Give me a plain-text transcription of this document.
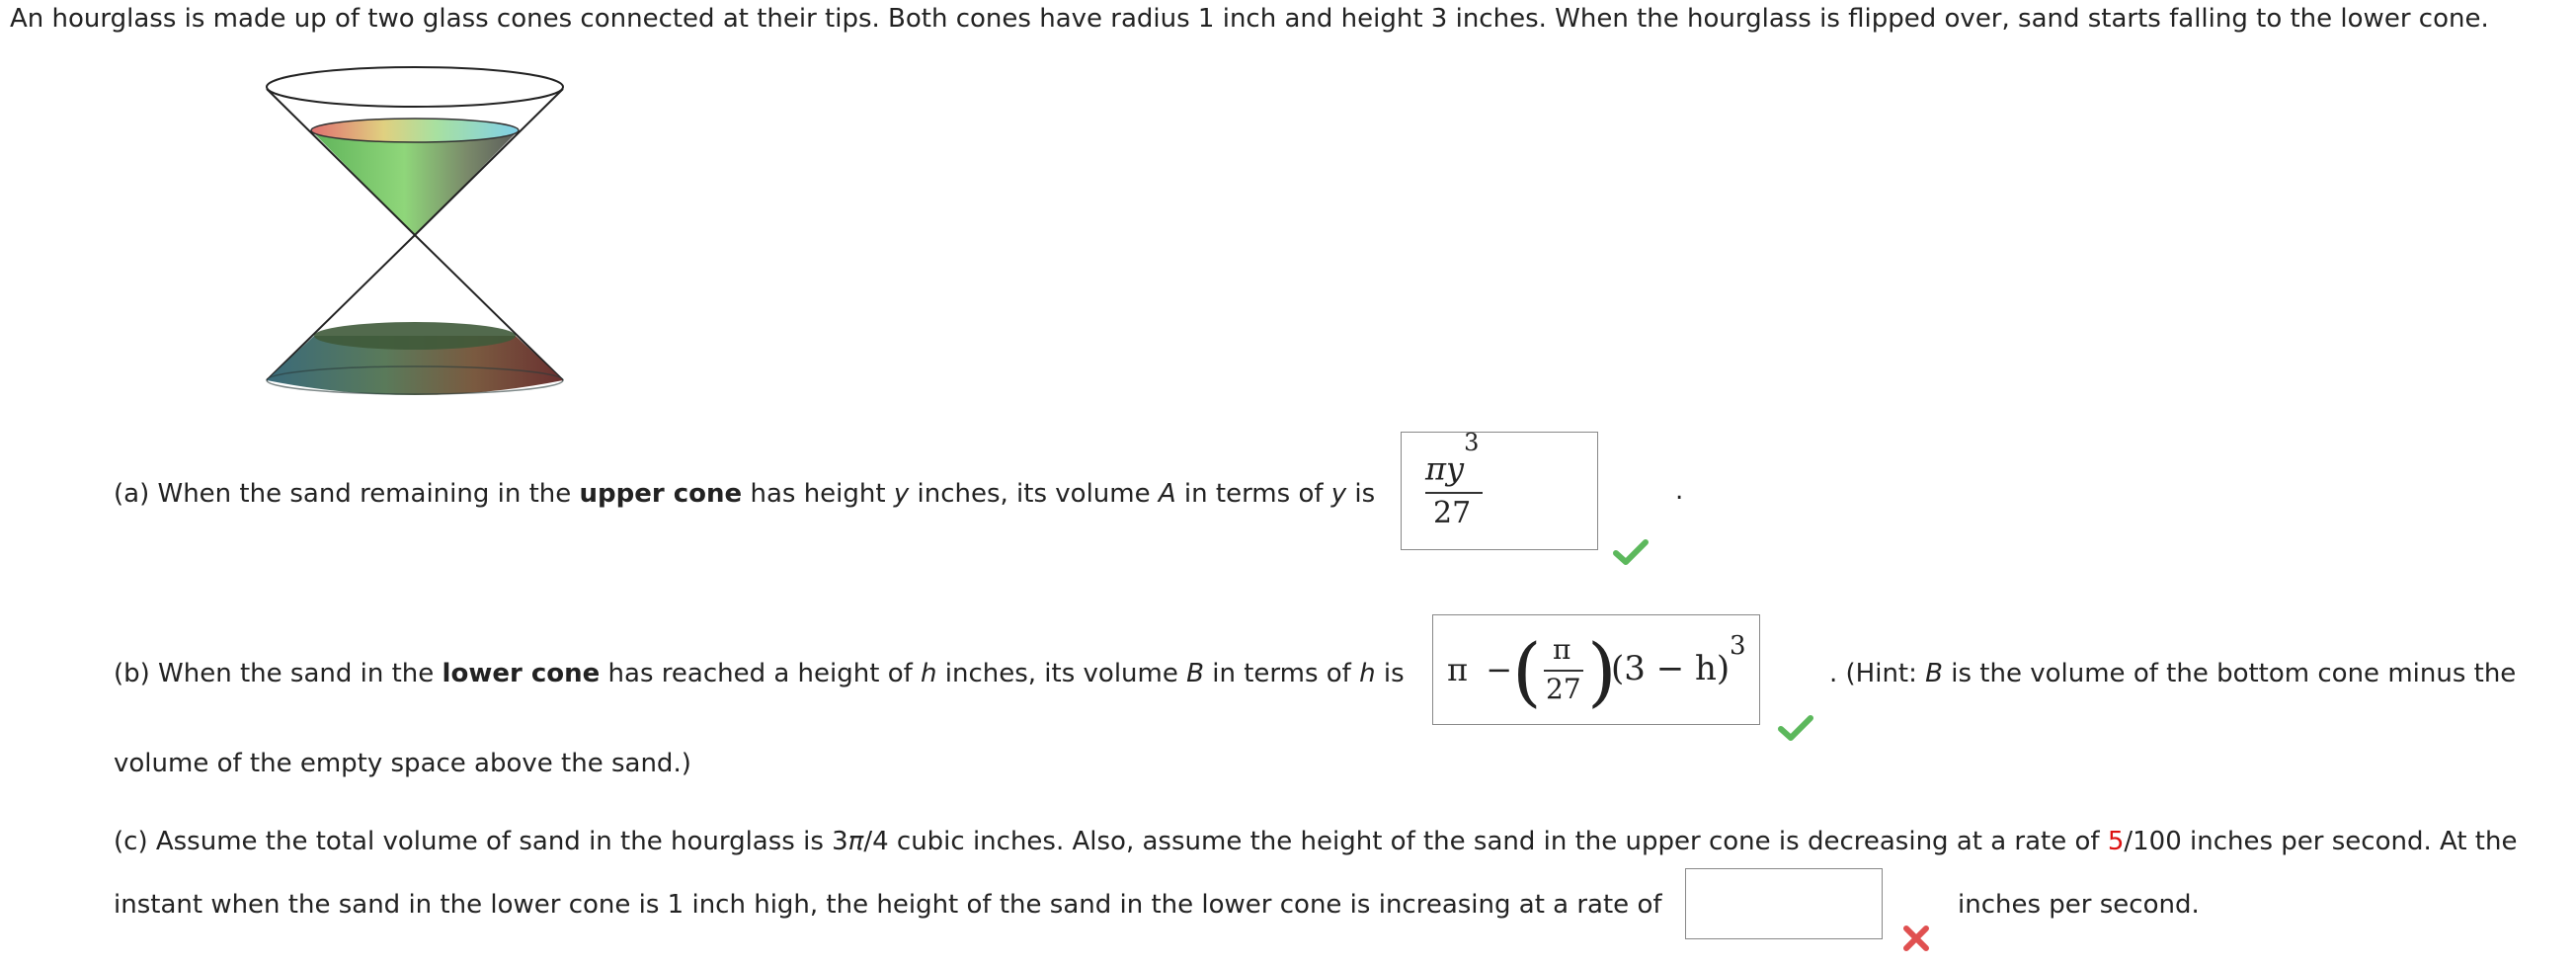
An hourglass is made up of two glass cones connected at their tips. Both cones have radius 1 inch and height 3 inches. When the hourglass is flipped over, sand starts falling to the lower cone.
(a) When the sand remaining in the upper cone has height y inches, its volume A in terms of y is
$\pi y^3$
27
.
(b) When the sand in the lower cone has reached a height of h inches, its volume B in terms of h is π − ( π
27 )
(3 − h)
3
. (Hint: B is the volume of the bottom cone minus the
volume of the empty space above the sand.)
(c) Assume the total volume of sand in the hourglass is 3π/4 cubic inches. Also, assume the height of the sand in the upper cone is decreasing at a rate of 5/100 inches per second. At the
instant when the sand in the lower cone is 1 inch high, the height of the sand in the lower cone is increasing at a rate of	inches per second.
